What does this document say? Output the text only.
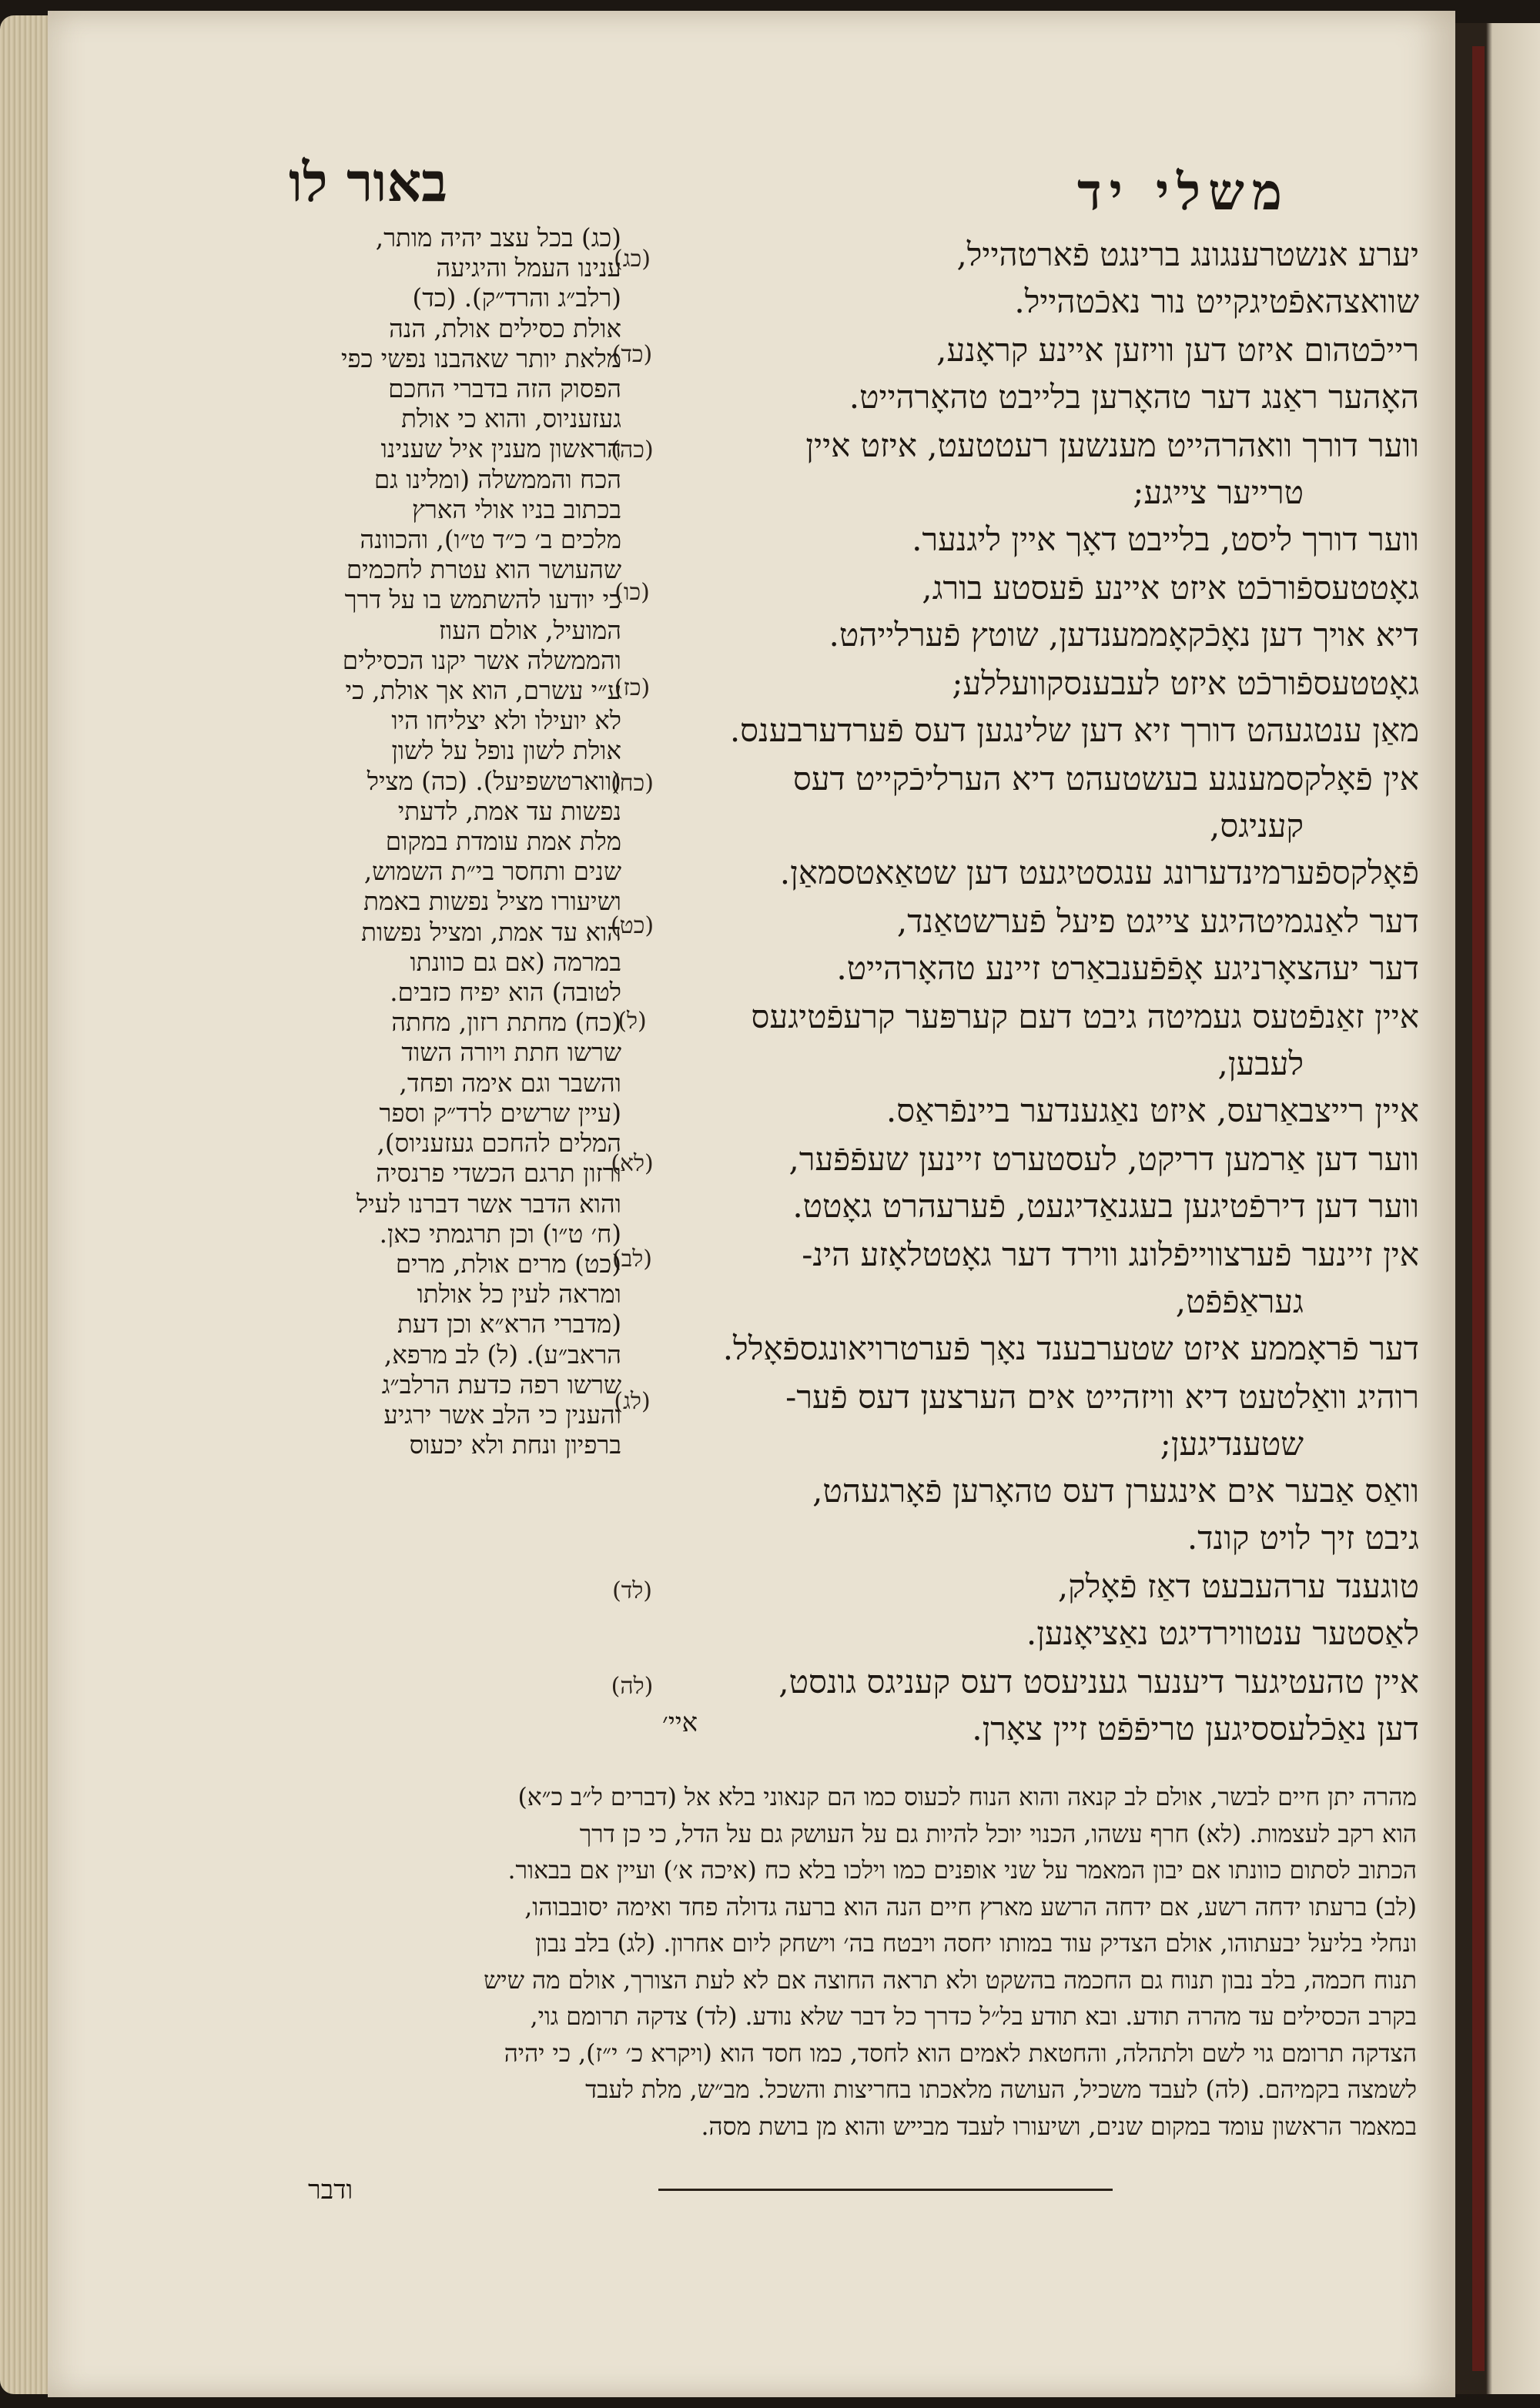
משלי יד
באור לו
(כג)	יערע אנשטרענגונג ברינגט פֿארטהייל,
שוואצהאפֿטיגקייט נור נאכֿטהייל.
(כד)	רייכֿטהום איזט דען וויזען איינע קראָנע,
האָהער ראַנג דער טהאָרען בלייבט טהאָרהייט.
(כה)	ווער דורך וואהרהייט מענשען רעטטעט, איזט איין
טרייער צייגע;
ווער דורך ליסט, בלייבט דאָך איין ליגנער.
(כו)	גאָטטעספֿורכֿט איזט איינע פֿעסטע בורג,
דיא אויך דען נאָכֿקאָממענדען, שוטץ פֿערלייהט.
(כז)	גאָטטעספֿורכֿט איזט לעבענסקוועללע;
מאַן ענטגעהט דורך זיא דען שלינגען דעס פֿערדערבענס.
(כח)	אין פֿאָלקסמענגע בעשטעהט דיא הערליכֿקייט דעס
קעניגס,
פֿאָלקספֿערמינדערונג ענגסטיגעט דען שטאַאטסמאַן.
(כט)	דער לאַנגמיטהיגע צייגט פיעל פֿערשטאַנד,
דער יעהצאָרניגע אָפֿפֿענבאַרט זיינע טהאָרהייט.
(ל)	איין זאַנפֿטעס געמיטה גיבט דעם קערפּער קרעפֿטיגעס
לעבען,
איין רייצבאַרעס, איזט נאַגענדער ביינפֿראַס.
(לא)	ווער דען אַרמען דריקט, לעסטערט זיינען שעפֿפֿער,
ווער דען דירפֿטיגען בעגנאַדיגעט, פֿערעהרט גאָטט.
(לב)	אין זיינער פֿערצווייפֿלונג ווירד דער גאָטטלאָזע הינ-
געראַפֿפֿט,
דער פֿראָממע איזט שטערבענד נאָך פֿערטרויאונגספֿאָלל.
(לג)	רוהיג וואַלטעט דיא וויזהייט אים הערצען דעס פֿער-
שטענדיגען;
וואַס אַבער אים אינגערן דעס טהאָרען פֿאָרגעהט,
גיבט זיך לויט קונד.
(לד)	טוגענד ערהעבעט דאַז פֿאָלק,
לאַסטער ענטווירדיגט נאַציאָנען.
(לה)	איין טהעטיגער דיענער געניעסט דעס קעניגס גונסט,
דען נאַכֿלעססיגען טריפֿפֿט זיין צאָרן.
איי׳
(כג) בכל עצב יהיה מותר,
ענינו העמל והיגיעה
(רלב״ג והרד״ק). (כד)
אולת כסילים אולת, הנה
מלאת יותר שאהבנו נפשי כפי
הפסוק הזה בדברי החכם
געזעניוס, והוא כי אולת
הראשון מענין איל שענינו
הכח והממשלה (ומלינו גם
בכתוב בניו אולי הארץ
מלכים ב׳ כ״ד ט״ו), והכוונה
שהעושר הוא עטרת לחכמים
כי יודעו להשתמש בו על דרך
המועיל, אולם העוז
והממשלה אשר יקנו הכסילים
ע״י עשרם, הוא אך אולת, כי
לא יועילו ולא יצליחו היו
אולת לשון נופל על לשון
(ווארטשפיעל). (כה) מציל
נפשות עד אמת, לדעתי
מלת אמת עומדת במקום
שנים ותחסר בי״ת השמוש,
ושיעורו מציל נפשות באמת
הוא עד אמת, ומציל נפשות
במרמה (אם גם כוונתו
לטובה) הוא יפיח כזבים.
(כח) מחתת רזון, מחתה
שרשו חתת ויורה השוד
והשבר וגם אימה ופחד,
(עיין שרשים לרד״ק וספר
המלים להחכם געזעניוס),
ורזון תרגם הכשדי פרנסיה
והוא הדבר אשר דברנו לעיל
(ח׳ ט״ו) וכן תרגמתי כאן.
(כט) מרים אולת, מרים
ומראה לעין כל אולתו
(מדברי הרא״א וכן דעת
הראב״ע). (ל) לב מרפא,
שרשו רפה כדעת הרלב״ג
והענין כי הלב אשר ירגיע
ברפיון ונחת ולא יכעוס
מהרה יתן חיים לבשר, אולם לב קנאה והוא הנוח לכעוס כמו הם קנאוני בלא אל (דברים ל״ב כ״א)
הוא רקב לעצמות. (לא) חרף עשהו, הכנוי יוכל להיות גם על העושק גם על הדל, כי כן דרך
הכתוב לסתום כוונתו אם יבון המאמר על שני אופנים כמו וילכו בלא כח (איכה א׳) ועיין אם בבאור.
(לב) ברעתו ידחה רשע, אם ידחה הרשע מארץ חיים הנה הוא ברעה גדולה פחד ואימה יסובבוהו,
ונחלי בליעל יבעתוהו, אולם הצדיק עוד במותו יחסה ויבטח בה׳ וישחק ליום אחרון. (לג) בלב נבון
תנוח חכמה, בלב נבון תנוח גם החכמה בהשקט ולא תראה החוצה אם לא לעת הצורך, אולם מה שיש
בקרב הכסילים עד מהרה תודע. ובא תודע בל״ל כדרך כל דבר שלא נודע. (לד) צדקה תרומם גוי,
הצדקה תרומם גוי לשם ולתהלה, והחטאת לאמים הוא לחסד, כמו חסד הוא (ויקרא כ׳ י״ז), כי יהיה
לשמצה בקמיהם. (לה) לעבד משכיל, העושה מלאכתו בחריצות והשכל. מב״ש, מלת לעבד
במאמר הראשון עומד במקום שנים, ושיעורו לעבד מבייש והוא מן בושת מסה.
ודבר
